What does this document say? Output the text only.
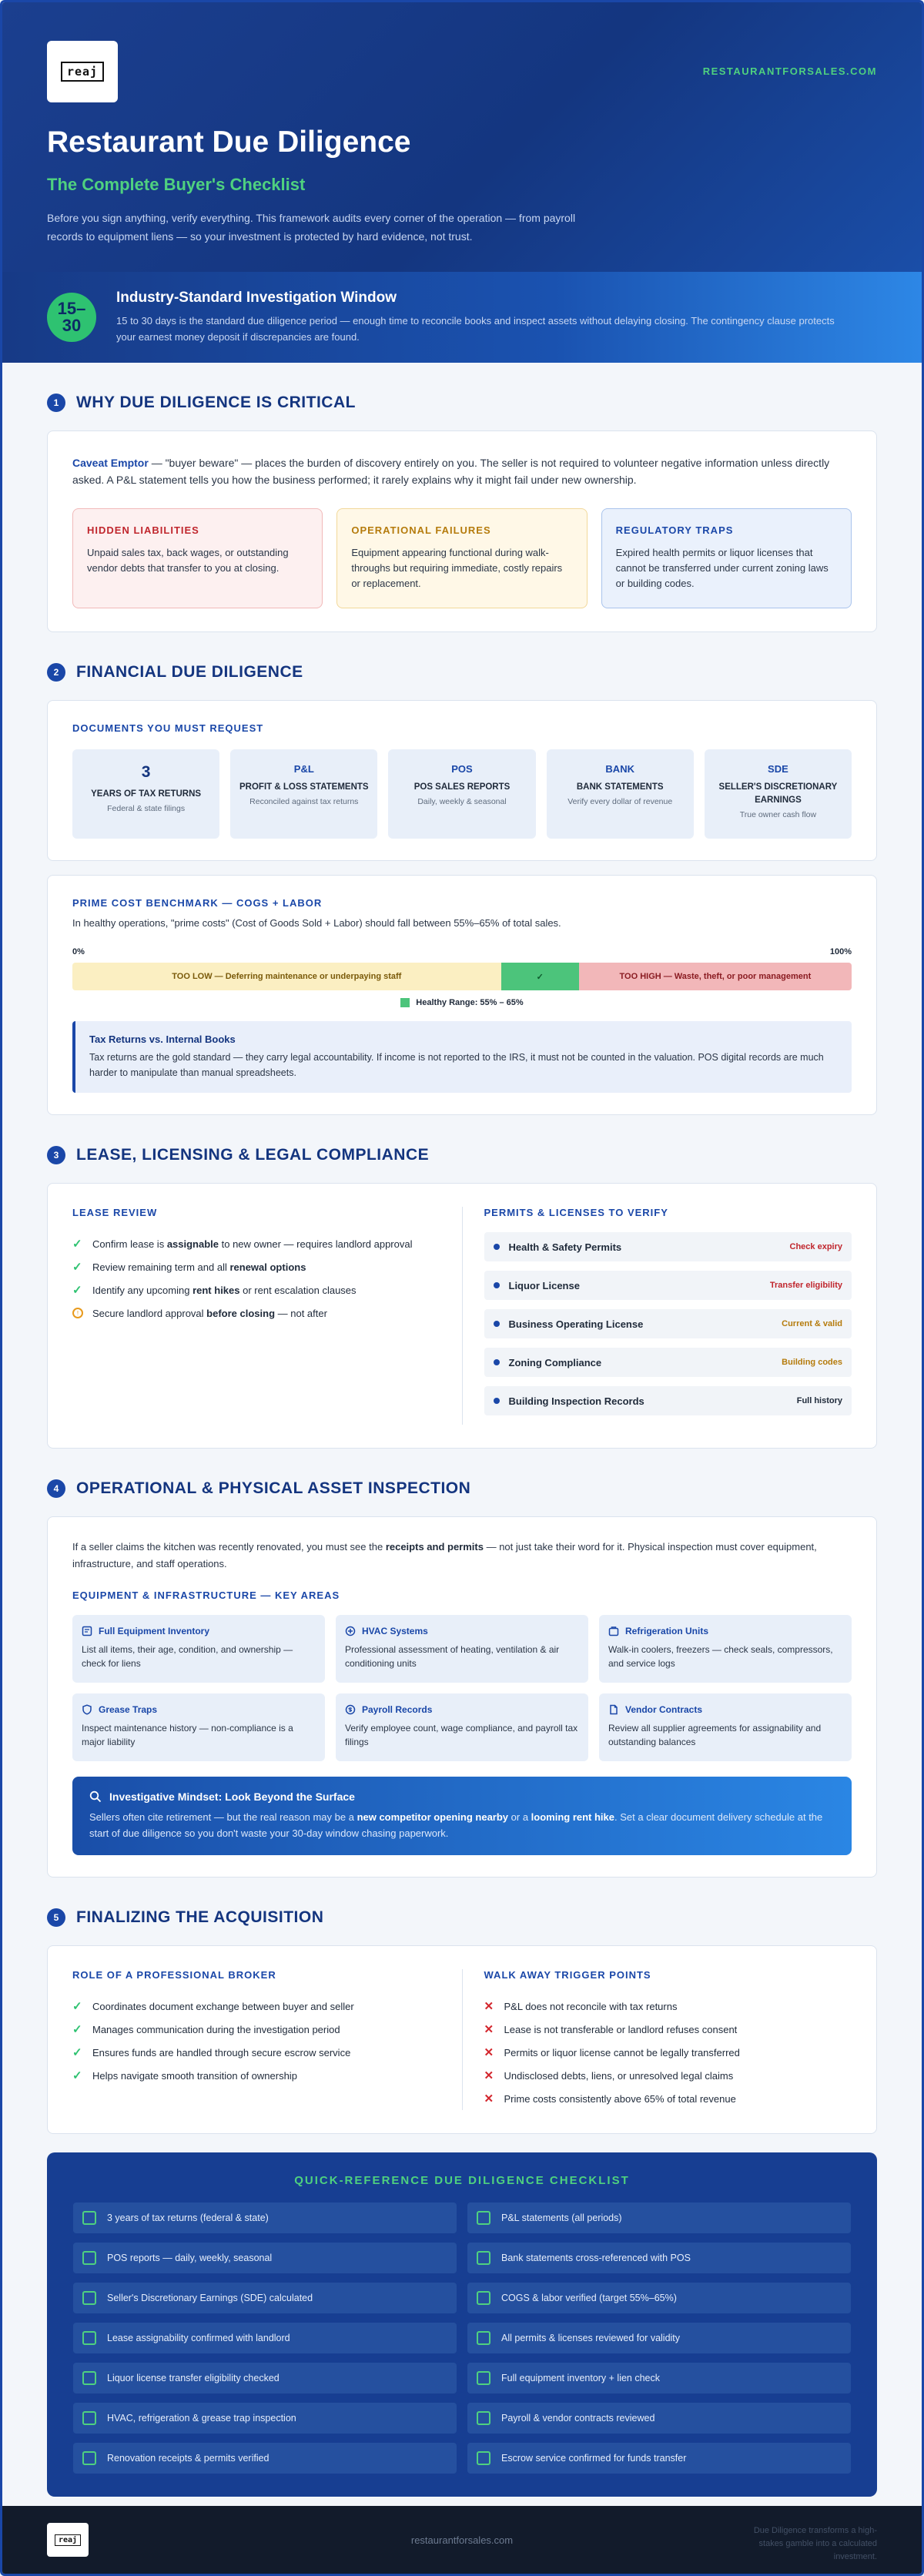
reaj	RESTAURANTFORSALES.COM
Restaurant Due Diligence
The Complete Buyer's Checklist

Before you sign anything, verify everything. This framework audits every corner of the operation — from payroll records to equipment liens — so your investment is protected by hard evidence, not trust.

15–
30
Industry-Standard Investigation Window

15 to 30 days is the standard due diligence period — enough time to reconcile books and inspect assets without delaying closing. The contingency clause protects your earnest money deposit if discrepancies are found.

1	WHY DUE DILIGENCE IS CRITICAL

Caveat Emptor — "buyer beware" — places the burden of discovery entirely on you. The seller is not required to volunteer negative information unless directly asked. A P&L statement tells you how the business performed; it rarely explains why it might fail under new ownership.

HIDDEN LIABILITIES

Unpaid sales tax, back wages, or outstanding vendor debts that transfer to you at closing.

OPERATIONAL FAILURES

Equipment appearing functional during walk-throughs but requiring immediate, costly repairs or replacement.

REGULATORY TRAPS

Expired health permits or liquor licenses that cannot be transferred under current zoning laws or building codes.

2	FINANCIAL DUE DILIGENCE
DOCUMENTS YOU MUST REQUEST
3
YEARS OF TAX RETURNS
Federal & state filings
P&L
PROFIT & LOSS STATEMENTS
Reconciled against tax returns
POS
POS SALES REPORTS
Daily, weekly & seasonal
BANK
BANK STATEMENTS
Verify every dollar of revenue
SDE
SELLER'S DISCRETIONARY EARNINGS
True owner cash flow
PRIME COST BENCHMARK — COGS + LABOR

In healthy operations, "prime costs" (Cost of Goods Sold + Labor) should fall between 55%–65% of total sales.

0%	100%
TOO LOW — Deferring maintenance or underpaying staff	✓	TOO HIGH — Waste, theft, or poor management
Healthy Range: 55% – 65%
Tax Returns vs. Internal Books

Tax returns are the gold standard — they carry legal accountability. If income is not reported to the IRS, it must not be counted in the valuation. POS digital records are much harder to manipulate than manual spreadsheets.

3	LEASE, LICENSING & LEGAL COMPLIANCE
LEASE REVIEW
✓ Confirm lease is assignable to new owner — requires landlord approval
✓ Review remaining term and all renewal options
✓ Identify any upcoming rent hikes or rent escalation clauses
!	Secure landlord approval before closing — not after
PERMITS & LICENSES TO VERIFY
Health & Safety Permits	Check expiry
Liquor License	Transfer eligibility
Business Operating License	Current & valid
Zoning Compliance	Building codes
Building Inspection Records	Full history
4	OPERATIONAL & PHYSICAL ASSET INSPECTION

If a seller claims the kitchen was recently renovated, you must see the receipts and permits — not just take their word for it. Physical inspection must cover equipment, infrastructure, and staff operations.

EQUIPMENT & INFRASTRUCTURE — KEY AREAS
Full Equipment Inventory

List all items, their age, condition, and ownership — check for liens

HVAC Systems

Professional assessment of heating, ventilation & air conditioning units

Refrigeration Units

Walk-in coolers, freezers — check seals, compressors, and service logs

Grease Traps

Inspect maintenance history — non-compliance is a major liability

Payroll Records

Verify employee count, wage compliance, and payroll tax filings

Vendor Contracts

Review all supplier agreements for assignability and outstanding balances

Investigative Mindset: Look Beyond the Surface

Sellers often cite retirement — but the real reason may be a new competitor opening nearby or a looming rent hike. Set a clear document delivery schedule at the start of due diligence so you don't waste your 30-day window chasing paperwork.

5	FINALIZING THE ACQUISITION
ROLE OF A PROFESSIONAL BROKER
✓ Coordinates document exchange between buyer and seller
✓ Manages communication during the investigation period
✓ Ensures funds are handled through secure escrow service
✓ Helps navigate smooth transition of ownership
WALK AWAY TRIGGER POINTS
✕ P&L does not reconcile with tax returns
✕ Lease is not transferable or landlord refuses consent
✕ Permits or liquor license cannot be legally transferred
✕ Undisclosed debts, liens, or unresolved legal claims
✕ Prime costs consistently above 65% of total revenue
QUICK-REFERENCE DUE DILIGENCE CHECKLIST
3 years of tax returns (federal & state)	P&L statements (all periods)
POS reports — daily, weekly, seasonal	Bank statements cross-referenced with POS
Seller's Discretionary Earnings (SDE) calculated	COGS & labor verified (target 55%–65%)
Lease assignability confirmed with landlord	All permits & licenses reviewed for validity
Liquor license transfer eligibility checked	Full equipment inventory + lien check
HVAC, refrigeration & grease trap inspection	Payroll & vendor contracts reviewed
Renovation receipts & permits verified	Escrow service confirmed for funds transfer
reaj	restaurantforsales.com
Due Diligence transforms a high-stakes gamble into a calculated investment.
